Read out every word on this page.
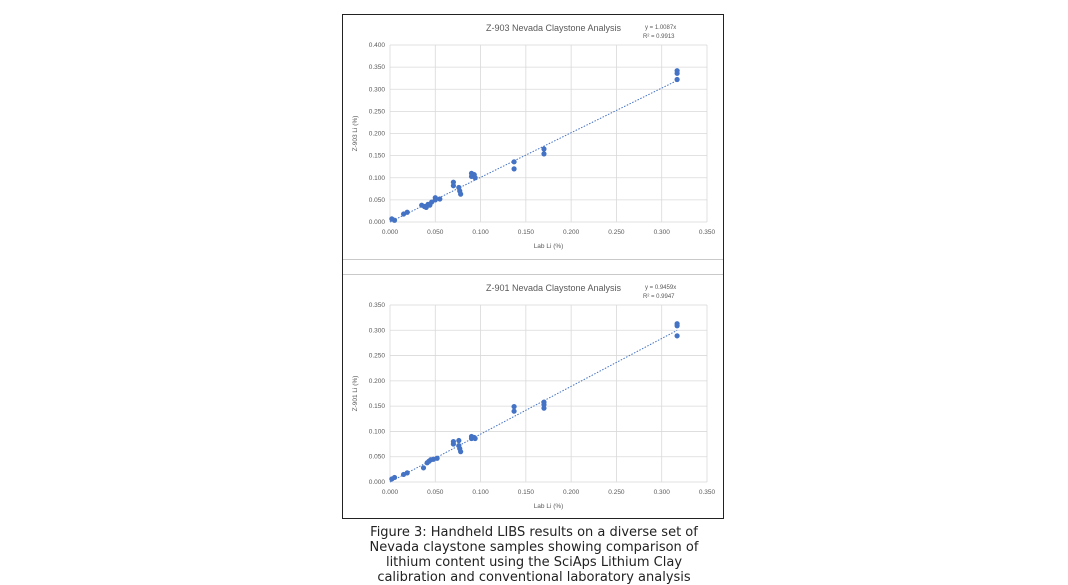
Z-903 Nevada Claystone Analysis	y = 1.0087x
R² = 0.9913
0.000
0.050
0.100
0.150
0.200
0.250
0.300
0.350
0.400
0.000	0.050	0.100	0.150	0.200	0.250	0.300	0.350
Lab Li (%)
Z-903 Li (%)
Z-901 Nevada Claystone Analysis	y = 0.9459x
R² = 0.9947
0.000
0.050
0.100
0.150
0.200
0.250
0.300
0.350
0.000	0.050	0.100	0.150	0.200	0.250	0.300	0.350
Lab Li (%)
Z-901 Li (%)
Figure 3: Handheld LIBS results on a diverse set of Nevada claystone samples showing comparison of lithium content using the SciAps Lithium Clay calibration and conventional laboratory analysis
